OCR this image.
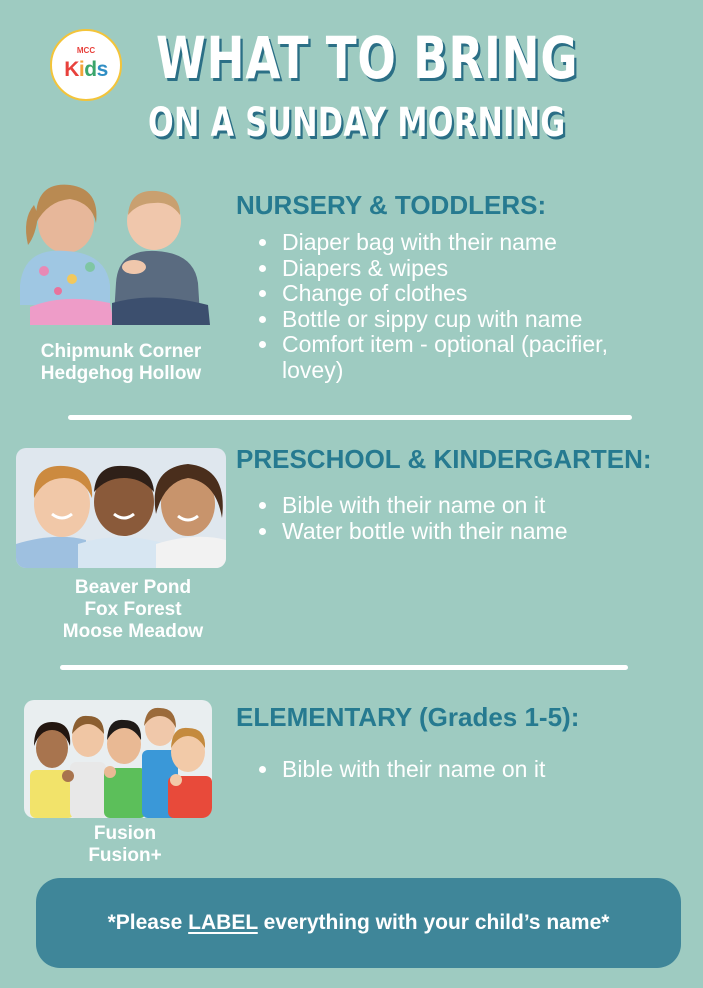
MCC
Kids WHAT TO BRING
ON A SUNDAY MORNING
Chipmunk Corner
Hedgehog Hollow
NURSERY & TODDLERS:
• Diaper bag with their name
• Diapers & wipes
• Change of clothes
• Bottle or sippy cup with name
• Comfort item - optional (pacifier, lovey)
Beaver Pond
Fox Forest
Moose Meadow
PRESCHOOL & KINDERGARTEN:
• Bible with their name on it
• Water bottle with their name
Fusion
Fusion+
ELEMENTARY (Grades 1-5):
• Bible with their name on it
*Please LABEL everything with your child’s name*
